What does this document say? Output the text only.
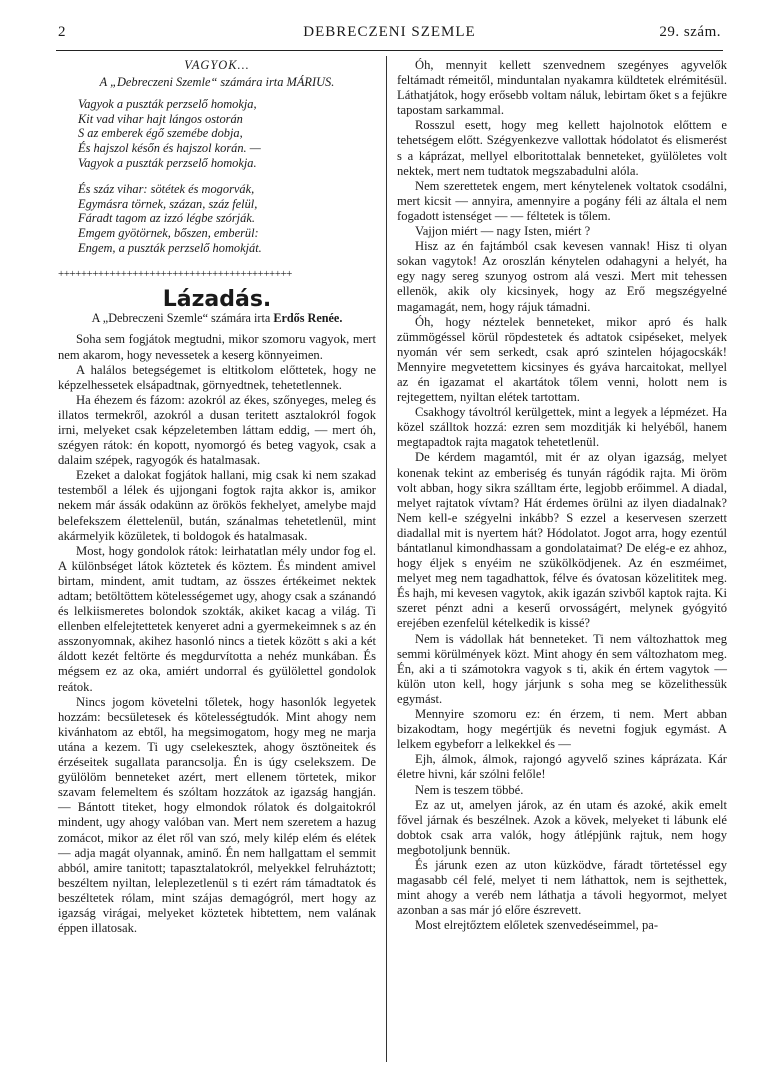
2	DEBRECZENI SZEMLE	29. szám.
VAGYOK...
A „Debreczeni Szemle“ számára irta MÁRIUS.
Vagyok a puszták perzselő homokja,
Kit vad vihar hajt lángos ostorán
S az emberek égő szemébe dobja,
És hajszol későn és hajszol korán. —
Vagyok a puszták perzselő homokja.
És száz vihar: sötétek és mogorvák,
Egymásra törnek, százan, száz felül,
Fáradt tagom az izzó légbe szórják.
Emgem gyötörnek, bőszen, emberül:
Engem, a puszták perzselő homokját.
+++++++++++++++++++++++++++++++++++++++++
Lázadás.
A „Debreczeni Szemle“ számára irta Erdős Renée.

Soha sem fogjátok megtudni, mikor szomoru vagyok, mert nem akarom, hogy nevessetek a keserg könnyeimen.

A halálos betegségemet is eltitkolom előttetek, hogy ne képzelhessetek elsápadtnak, görnyedtnek, tehetetlennek.

Ha éhezem és fázom: azokról az ékes, szőnyeges, meleg és illatos termekről, azokról a dusan teritett asztalokról fogok irni, melyeket csak képzeletemben láttam eddig, — mert óh, szégyen rátok: én kopott, nyomorgó és beteg vagyok, csak a dalaim szépek, ragyogók és hatalmasak.

Ezeket a dalokat fogjátok hallani, mig csak ki nem szakad testemből a lélek és ujjongani fogtok rajta akkor is, amikor nekem már ássák odakünn az örökös fekhelyet, amelybe majd belefekszem élettelenül, bután, szánalmas tehetetlenül, mint akármelyik közületek, ti boldogok és hatalmasak.

Most, hogy gondolok rátok: leirhatatlan mély undor fog el. A különbséget látok köztetek és köztem. És mindent amivel birtam, mindent, amit tudtam, az összes értékeimet nektek adtam; betöltöttem kötelességemet ugy, ahogy csak a szánandó és lelkiismeretes bolondok szokták, akiket kacag a világ. Ti ellenben elfelejtettetek kenyeret adni a gyermekeimnek s az én asszonyomnak, akihez hasonló nincs a tietek között s aki a két áldott kezét feltörte és megdurvította a nehéz munkában. És mégsem ez az oka, amiért undorral és gyülölettel gondolok reátok.

Nincs jogom követelni tőletek, hogy hasonlók legyetek hozzám: becsületesek és kötelességtudók. Mint ahogy nem kivánhatom az ebtől, ha megsimogatom, hogy meg ne marja utána a kezem. Ti ugy cselekesztek, ahogy ösztöneitek és érzéseitek sugallata parancsolja. Én is úgy cselekszem. De gyülölöm benneteket azért, mert ellenem törtetek, mikor szavam felemeltem és szóltam hozzátok az igazság hangján. — Bántott titeket, hogy elmondok rólatok és dolgaitokról mindent, ugy ahogy valóban van. Mert nem szeretem a hazug zomácot, mikor az élet ről van szó, mely kilép elém és elétek — adja magát olyannak, aminő. Én nem hallgattam el semmit abból, amire tanitott; tapasztalatokról, melyekkel felruháztott; beszéltem nyiltan, leleplezetlenül s ti ezért rám támadtatok és beszéltetek rólam, mint szájas demagógról, mert hogy az igazság virágai, melyeket köztetek hibtettem, nem valának éppen illatosak.

Óh, mennyit kellett szenvednem szegényes agyvelők feltámadt rémeitől, minduntalan nyakamra küldtetek elrémitésül. Láthatjátok, hogy erősebb voltam náluk, lebirtam őket s a fejükre tapostam sarkammal.

Rosszul esett, hogy meg kellett hajolnotok előttem e tehetségem előtt. Szégyenkezve vallottak hódolatot és elismerést s a káprázat, mellyel elboritottalak benneteket, gyülöletes volt nektek, mert nem tudtatok megszabadulni alóla.

Nem szerettetek engem, mert kénytelenek voltatok csodálni, mert kicsit — annyira, amennyire a pogány féli az általa el nem fogadott istenséget — — féltetek is tőlem.

Vajjon miért — nagy Isten, miért ?

Hisz az én fajtámból csak kevesen vannak! Hisz ti olyan sokan vagytok! Az oroszlán kénytelen odahagyni a helyét, ha egy nagy sereg szunyog ostrom alá veszi. Mert mit tehessen ellenök, akik oly kicsinyek, hogy az Erő megszégyelné magamagát, nem, hogy rájuk támadni.

Óh, hogy néztelek benneteket, mikor apró és halk zümmögéssel körül röpdestetek és adtatok csipéseket, melyek nyomán vér sem serkedt, csak apró szintelen hójagocskák! Mennyire megvetettem kicsinyes és gyáva harcaitokat, mellyel az én igazamat el akartátok tőlem venni, holott nem is rejtegettem, nyiltan elétek tartottam.

Csakhogy távoltról kerülgettek, mint a legyek a lépmézet. Ha közel szálltok hozzá: ezren sem mozditják ki helyéből, hanem megtapadtok rajta magatok tehetetlenül.

De kérdem magamtól, mit ér az olyan igazság, melyet konenak tekint az emberiség és tunyán rágódik rajta. Mi öröm volt abban, hogy sikra szálltam érte, legjobb erőimmel. A diadal, melyet rajtatok vívtam? Hát érdemes örülni az ilyen diadalnak? Nem kell-e szégyelni inkább? S ezzel a keservesen szerzett diadallal mit is nyertem hát? Hódolatot. Jogot arra, hogy ezentúl bántatlanul kimondhassam a gondolataimat? De elég-e ez ahhoz, hogy éljek s enyéim ne szükölködjenek. Az én eszméimet, melyet meg nem tagadhattok, félve és óvatosan közelititek meg. És hajh, mi kevesen vagytok, akik igazán szivből kaptok rajta. Ki szeret pénzt adni a keserű orvosságért, melynek gyógyitó erejében ezenfelül kételkedik is kissé?

Nem is vádollak hát benneteket. Ti nem változhattok meg semmi körülmények közt. Mint ahogy én sem változhatom meg. Én, aki a ti számotokra vagyok s ti, akik én értem vagytok — külön uton kell, hogy járjunk s soha meg se közelithessük egymást.

Mennyire szomoru ez: én érzem, ti nem. Mert abban bizakodtam, hogy megértjük és nevetni fogjuk egymást. A lelkem egybeforr a lelkekkel és —

Ejh, álmok, álmok, rajongó agyvelő szines káprázata. Kár életre hivni, kár szólni felőle!

Nem is teszem többé.

Ez az ut, amelyen járok, az én utam és azoké, akik emelt fővel járnak és beszélnek. Azok a kövek, melyeket ti lábunk elé dobtok csak arra valók, hogy átlépjünk rajtuk, nem hogy megbotoljunk bennük.

És járunk ezen az uton küzködve, fáradt törtetéssel egy magasabb cél felé, melyet ti nem láthattok, nem is sejthettek, mint ahogy a veréb nem láthatja a távoli hegyormot, melyet azonban a sas már jó előre észrevett.

Most elrejtőztem előletek szenvedéseimmel, pa-
